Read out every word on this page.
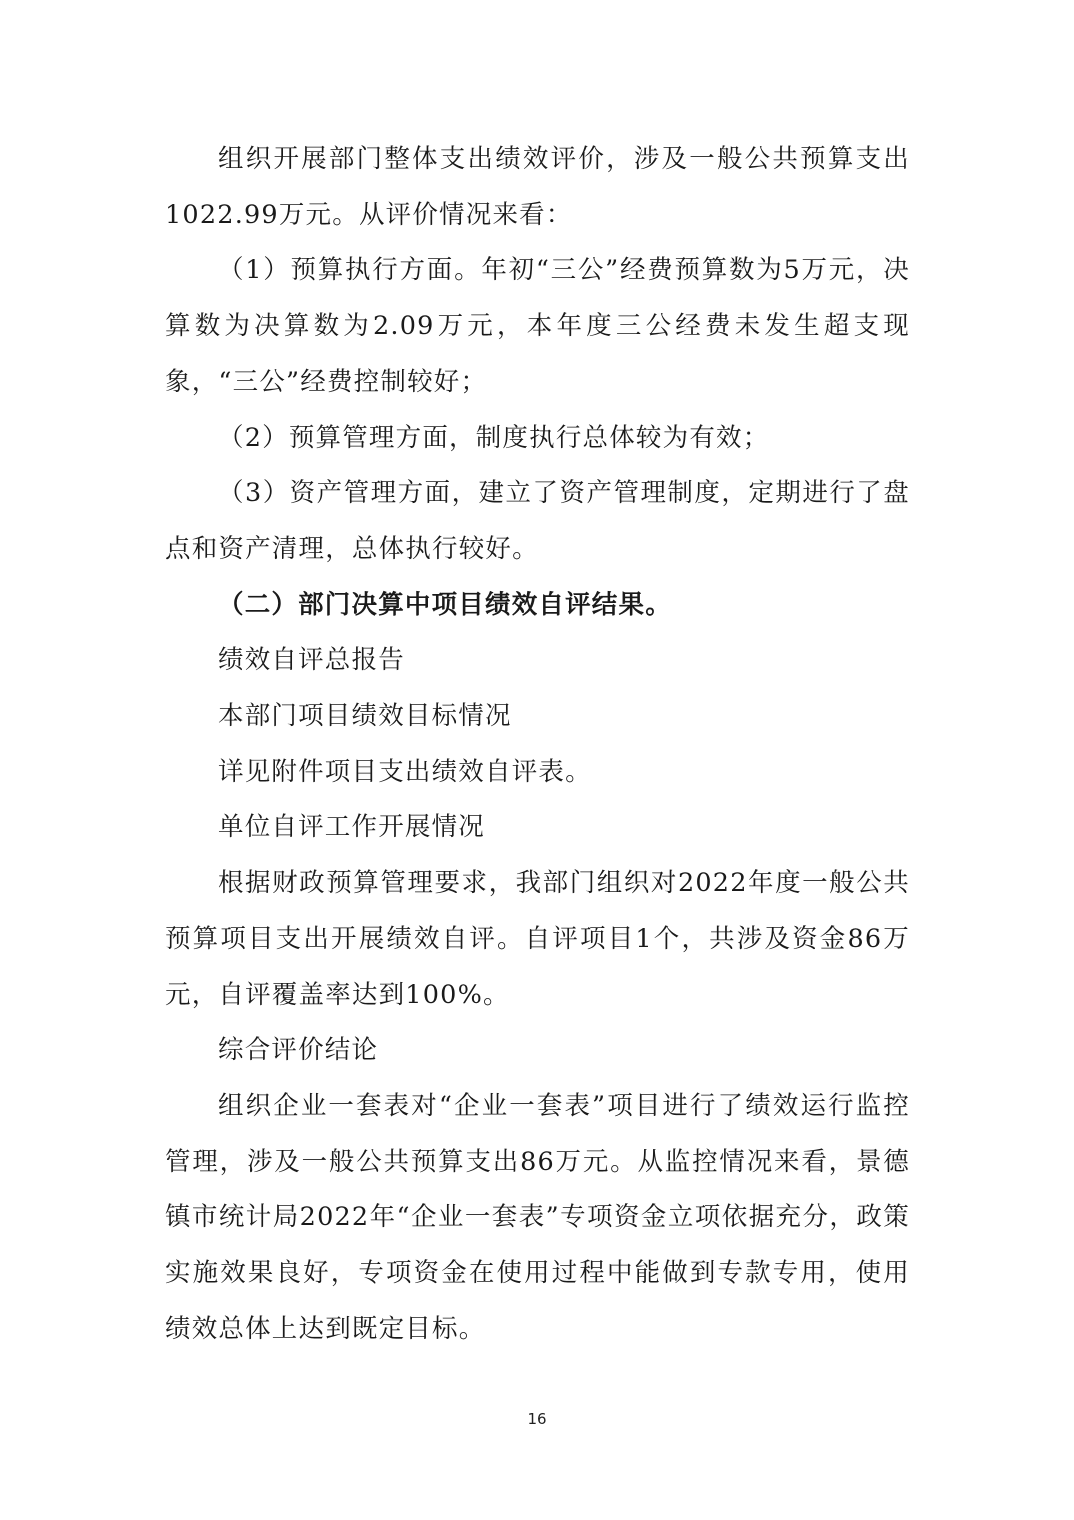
组织开展部门整体支出绩效评价，涉及一般公共预算支出1022.99万元。从评价情况来看：

（1）预算执行方面。年初“三公”经费预算数为5万元，决算数为决算数为2.09万元，本年度三公经费未发生超支现象，“三公”经费控制较好；

（2）预算管理方面，制度执行总体较为有效；

（3）资产管理方面，建立了资产管理制度，定期进行了盘点和资产清理，总体执行较好。

（二）部门决算中项目绩效自评结果。

绩效自评总报告

本部门项目绩效目标情况

详见附件项目支出绩效自评表。

单位自评工作开展情况

根据财政预算管理要求，我部门组织对2022年度一般公共预算项目支出开展绩效自评。自评项目1个，共涉及资金86万元，自评覆盖率达到100%。

综合评价结论

组织企业一套表对“企业一套表”项目进行了绩效运行监控管理，涉及一般公共预算支出86万元。从监控情况来看，景德镇市统计局2022年“企业一套表”专项资金立项依据充分，政策实施效果良好，专项资金在使用过程中能做到专款专用，使用绩效总体上达到既定目标。

16
